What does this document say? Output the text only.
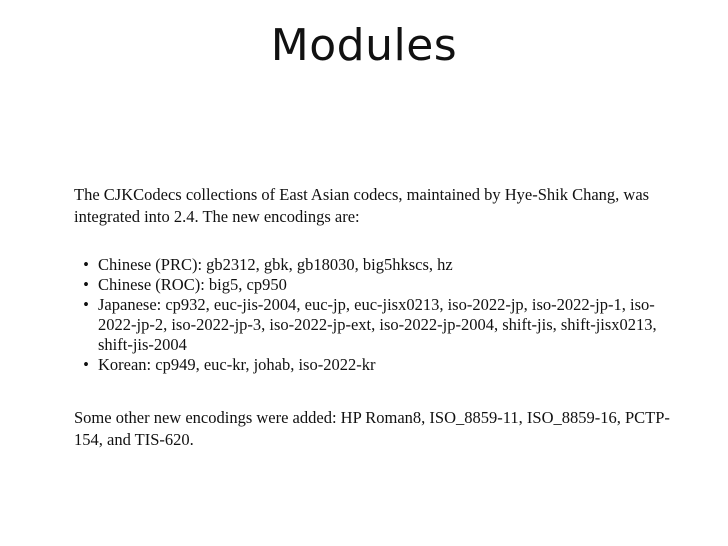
Modules

The CJKCodecs collections of East Asian codecs, maintained by Hye-Shik Chang, was integrated into 2.4. The new encodings are:

• Chinese (PRC): gb2312, gbk, gb18030, big5hkscs, hz
• Chinese (ROC): big5, cp950
• Japanese: cp932, euc-jis-2004, euc-jp, euc-jisx0213, iso-2022-jp, iso-2022-jp-1, iso-2022-jp-2, iso-2022-jp-3, iso-2022-jp-ext, iso-2022-jp-2004, shift-jis, shift-jisx0213, shift-jis-2004
• Korean: cp949, euc-kr, johab, iso-2022-kr

Some other new encodings were added: HP Roman8, ISO_8859-11, ISO_8859-16, PCTP-154, and TIS-620.
